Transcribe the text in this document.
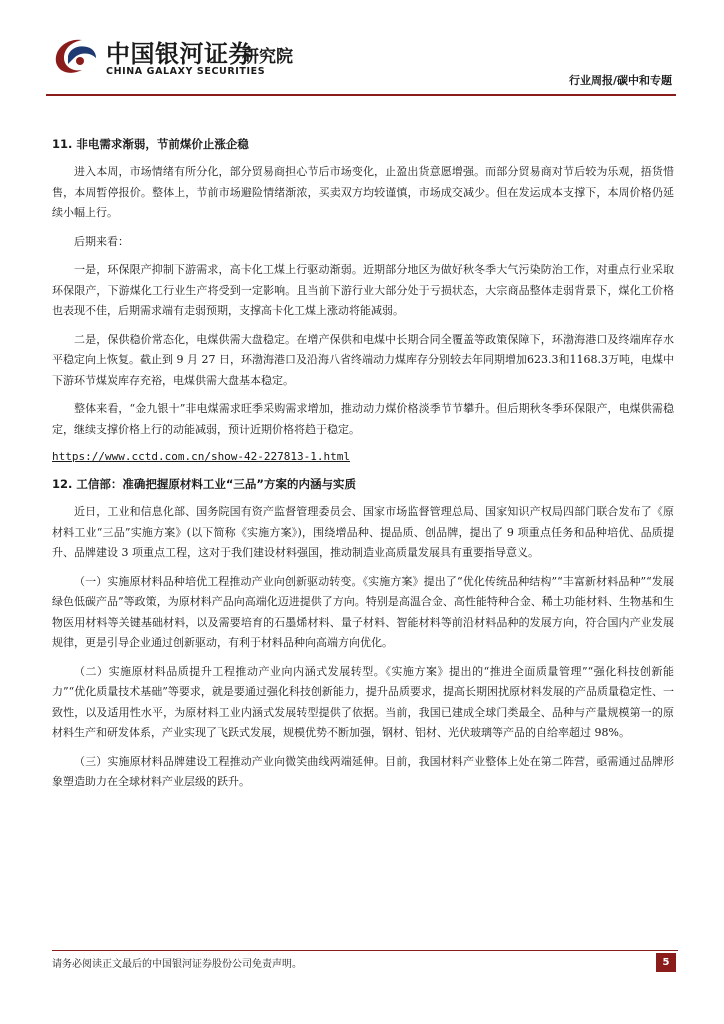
中国银河证券
CHINA GALAXY SECURITIES
研究院
行业周报/碳中和专题
11. 非电需求渐弱，节前煤价止涨企稳

进入本周，市场情绪有所分化，部分贸易商担心节后市场变化，止盈出货意愿增强。而部分贸易商对节后较为乐观，捂货惜售，本周暂停报价。整体上，节前市场避险情绪渐浓，买卖双方均较谨慎，市场成交减少。但在发运成本支撑下，本周价格仍延续小幅上行。

后期来看：

一是，环保限产抑制下游需求，高卡化工煤上行驱动渐弱。近期部分地区为做好秋冬季大气污染防治工作，对重点行业采取环保限产，下游煤化工行业生产将受到一定影响。且当前下游行业大部分处于亏损状态，大宗商品整体走弱背景下，煤化工价格也表现不佳，后期需求端有走弱预期，支撑高卡化工煤上涨动将能减弱。

二是，保供稳价常态化，电煤供需大盘稳定。在增产保供和电煤中长期合同全覆盖等政策保障下，环渤海港口及终端库存水平稳定向上恢复。截止到 9 月 27 日，环渤海港口及沿海八省终端动力煤库存分别较去年同期增加623.3和1168.3万吨，电煤中下游环节煤炭库存充裕，电煤供需大盘基本稳定。

整体来看，“金九银十”非电煤需求旺季采购需求增加，推动动力煤价格淡季节节攀升。但后期秋冬季环保限产，电煤供需稳定，继续支撑价格上行的动能减弱，预计近期价格将趋于稳定。

https://www.cctd.com.cn/show-42-227813-1.html
12. 工信部：准确把握原材料工业“三品”方案的内涵与实质

近日，工业和信息化部、国务院国有资产监督管理委员会、国家市场监督管理总局、国家知识产权局四部门联合发布了《原材料工业“三品”实施方案》(以下简称《实施方案》)，围绕增品种、提品质、创品牌，提出了 9 项重点任务和品种培优、品质提升、品牌建设 3 项重点工程，这对于我们建设材料强国，推动制造业高质量发展具有重要指导意义。

（一）实施原材料品种培优工程推动产业向创新驱动转变。《实施方案》提出了“优化传统品种结构”“丰富新材料品种”“发展绿色低碳产品”等政策，为原材料产品向高端化迈进提供了方向。特别是高温合金、高性能特种合金、稀土功能材料、生物基和生物医用材料等关键基础材料，以及需要培育的石墨烯材料、量子材料、智能材料等前沿材料品种的发展方向，符合国内产业发展规律，更是引导企业通过创新驱动，有利于材料品种向高端方向优化。

（二）实施原材料品质提升工程推动产业向内涵式发展转型。《实施方案》提出的“推进全面质量管理”“强化科技创新能力”“优化质量技术基础”等要求，就是要通过强化科技创新能力，提升品质要求，提高长期困扰原材料发展的产品质量稳定性、一致性，以及适用性水平，为原材料工业内涵式发展转型提供了依据。当前，我国已建成全球门类最全、品种与产量规模第一的原材料生产和研发体系，产业实现了飞跃式发展，规模优势不断加强，钢材、铝材、光伏玻璃等产品的自给率超过 98%。

（三）实施原材料品牌建设工程推动产业向微笑曲线两端延伸。目前，我国材料产业整体上处在第二阵营，亟需通过品牌形象塑造助力在全球材料产业层级的跃升。

请务必阅读正文最后的中国银河证券股份公司免责声明。	5
